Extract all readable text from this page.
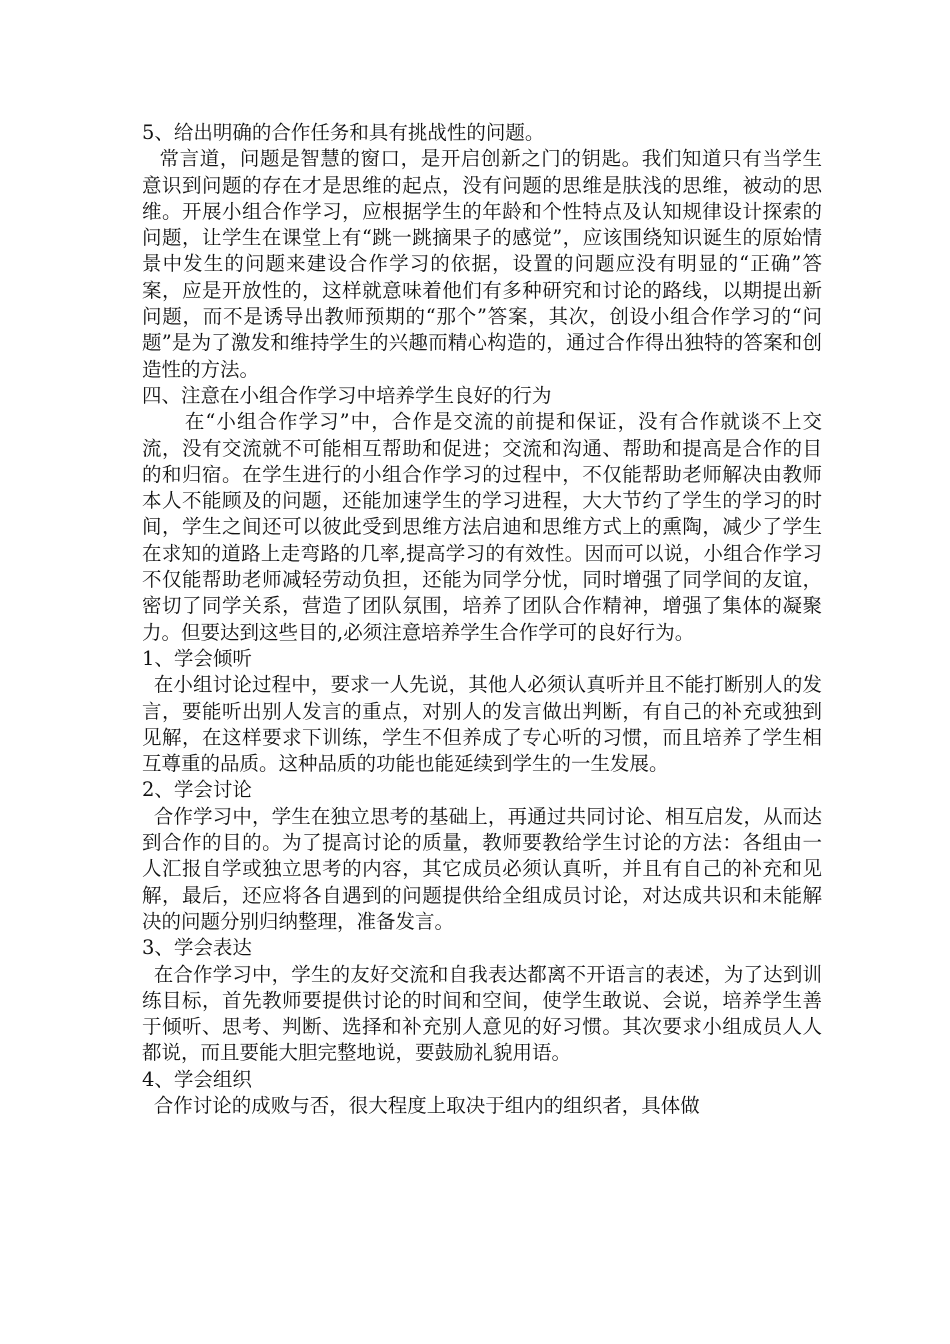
5、给出明确的合作任务和具有挑战性的问题。

常言道，问题是智慧的窗口，是开启创新之门的钥匙。我们知道只有当学生意识到问题的存在才是思维的起点，没有问题的思维是肤浅的思维，被动的思维。开展小组合作学习，应根据学生的年龄和个性特点及认知规律设计探索的问题，让学生在课堂上有“跳一跳摘果子的感觉”，应该围绕知识诞生的原始情景中发生的问题来建设合作学习的依据，设置的问题应没有明显的“正确”答案，应是开放性的，这样就意味着他们有多种研究和讨论的路线，以期提出新问题，而不是诱导出教师预期的“那个”答案，其次，创设小组合作学习的“问题”是为了激发和维持学生的兴趣而精心构造的，通过合作得出独特的答案和创造性的方法。

四、注意在小组合作学习中培养学生良好的行为

在“小组合作学习”中，合作是交流的前提和保证，没有合作就谈不上交流，没有交流就不可能相互帮助和促进；交流和沟通、帮助和提高是合作的目的和归宿。在学生进行的小组合作学习的过程中，不仅能帮助老师解决由教师本人不能顾及的问题，还能加速学生的学习进程，大大节约了学生的学习的时间，学生之间还可以彼此受到思维方法启迪和思维方式上的熏陶，减少了学生在求知的道路上走弯路的几率,提高学习的有效性。因而可以说，小组合作学习不仅能帮助老师减轻劳动负担，还能为同学分忧，同时增强了同学间的友谊，密切了同学关系，营造了团队氛围，培养了团队合作精神，增强了集体的凝聚力。但要达到这些目的,必须注意培养学生合作学可的良好行为。

1、学会倾听

在小组讨论过程中，要求一人先说，其他人必须认真听并且不能打断别人的发言，要能听出别人发言的重点，对别人的发言做出判断，有自己的补充或独到见解，在这样要求下训练，学生不但养成了专心听的习惯，而且培养了学生相互尊重的品质。这种品质的功能也能延续到学生的一生发展。

2、学会讨论

合作学习中，学生在独立思考的基础上，再通过共同讨论、相互启发，从而达到合作的目的。为了提高讨论的质量，教师要教给学生讨论的方法：各组由一人汇报自学或独立思考的内容，其它成员必须认真听，并且有自己的补充和见解，最后，还应将各自遇到的问题提供给全组成员讨论，对达成共识和未能解决的问题分别归纳整理，准备发言。

3、学会表达

在合作学习中，学生的友好交流和自我表达都离不开语言的表述，为了达到训练目标，首先教师要提供讨论的时间和空间，使学生敢说、会说，培养学生善于倾听、思考、判断、选择和补充别人意见的好习惯。其次要求小组成员人人都说，而且要能大胆完整地说，要鼓励礼貌用语。

4、学会组织

合作讨论的成败与否，很大程度上取决于组内的组织者，具体做
